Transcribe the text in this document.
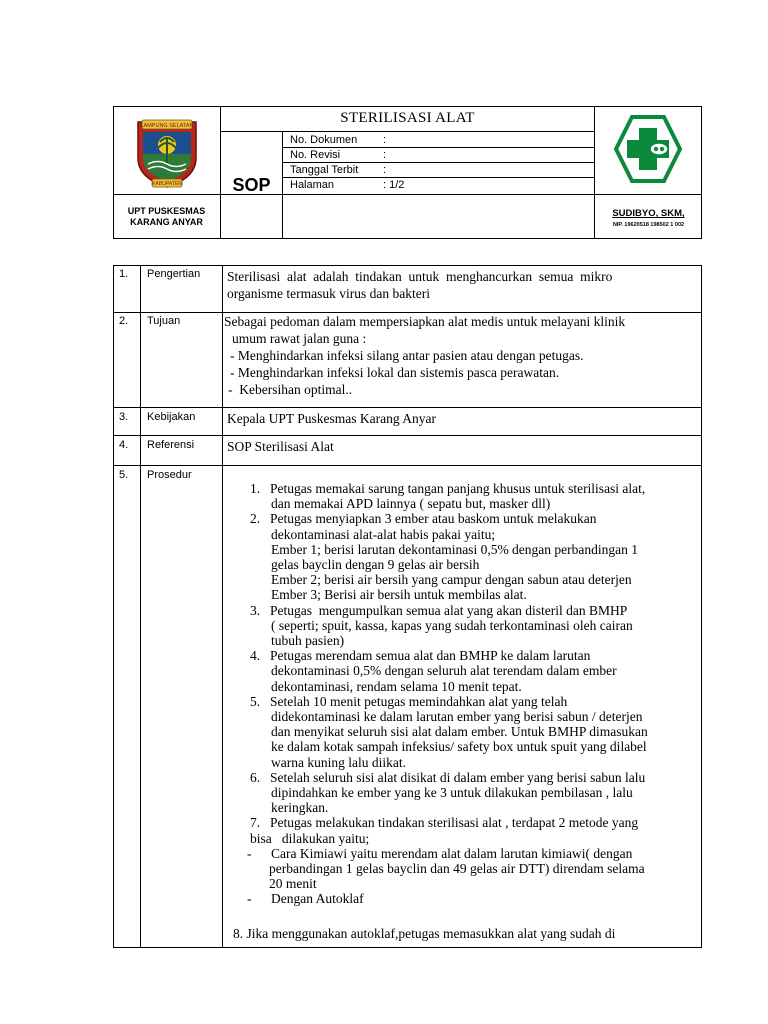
LAMPUNG SELATAN
KABUPATEN
STERILISASI ALAT
SOP
No. Dokumen :
No. Revisi	:
Tanggal Terbit :
Halaman	: 1/2
UPT PUSKESMAS
KARANG ANYAR
SUDIBYO, SKM,
NIP. 19620518 198502 1 002
1. Pengertian Sterilisasi  alat  adalah  tindakan  untuk  menghancurkan  semua  mikro
organisme termasuk virus dan bakteri
2. Tujuan	Sebagai pedoman dalam mempersiapkan alat medis untuk melayani klinik
umum rawat jalan guna :
- Menghindarkan infeksi silang antar pasien atau dengan petugas.
- Menghindarkan infeksi lokal dan sistemis pasca perawatan.
-  Kebersihan optimal..
3. Kebijakan Kepala UPT Puskesmas Karang Anyar
4. Referensi SOP Sterilisasi Alat
5. Prosedur
1. Petugas memakai sarung tangan panjang khusus untuk sterilisasi alat,
dan memakai APD lainnya ( sepatu but, masker dll)
2. Petugas menyiapkan 3 ember atau baskom untuk melakukan
dekontaminasi alat-alat habis pakai yaitu;
Ember 1; berisi larutan dekontaminasi 0,5% dengan perbandingan 1
gelas bayclin dengan 9 gelas air bersih
Ember 2; berisi air bersih yang campur dengan sabun atau deterjen
Ember 3; Berisi air bersih untuk membilas alat.
3. Petugas  mengumpulkan semua alat yang akan disteril dan BMHP
( seperti; spuit, kassa, kapas yang sudah terkontaminasi oleh cairan
tubuh pasien)
4. Petugas merendam semua alat dan BMHP ke dalam larutan
dekontaminasi 0,5% dengan seluruh alat terendam dalam ember
dekontaminasi, rendam selama 10 menit tepat.
5. Setelah 10 menit petugas memindahkan alat yang telah
didekontaminasi ke dalam larutan ember yang berisi sabun / deterjen
dan menyikat seluruh sisi alat dalam ember. Untuk BMHP dimasukan
ke dalam kotak sampah infeksius/ safety box untuk spuit yang dilabel
warna kuning lalu diikat.
6. Setelah seluruh sisi alat disikat di dalam ember yang berisi sabun lalu
dipindahkan ke ember yang ke 3 untuk dilakukan pembilasan , lalu
keringkan.
7. Petugas melakukan tindakan sterilisasi alat , terdapat 2 metode yang
bisa   dilakukan yaitu;
- Cara Kimiawi yaitu merendam alat dalam larutan kimiawi( dengan
perbandingan 1 gelas bayclin dan 49 gelas air DTT) direndam selama
20 menit
- Dengan Autoklaf
8. Jika menggunakan autoklaf,petugas memasukkan alat yang sudah di
